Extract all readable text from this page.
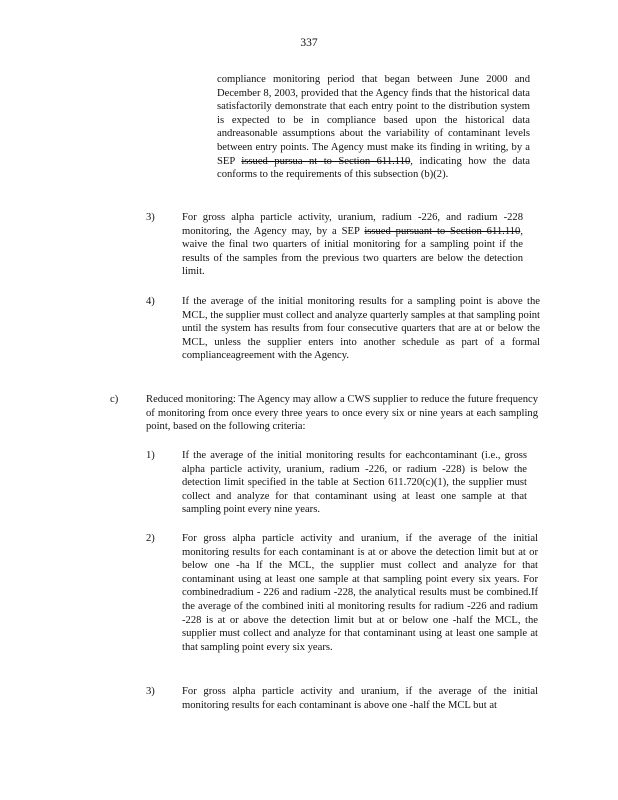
337
compliance monitoring period that began between June 2000 and December 8, 2003, provided that the Agency finds that the historical data satisfactorily demonstrate that each entry point to the distribution system is expected to be in compliance based upon the historical data andreasonable assumptions about the variability of contaminant levels between entry points. The Agency must make its finding in writing, by a SEP issued pursua nt to Section 611.110, indicating how the data conforms to the requirements of this subsection (b)(2).
3)	For gross alpha particle activity, uranium, radium -226, and radium -228 monitoring, the Agency may, by a SEP issued pursuant to Section 611.110, waive the final two quarters of initial monitoring for a sampling point if the results of the samples from the previous two quarters are below the detection limit.
4)	If the average of the initial monitoring results for a sampling point is above the MCL, the supplier must collect and analyze quarterly samples at that sampling point until the system has results from four consecutive quarters that are at or below the MCL, unless the supplier enters into another schedule as part of a formal complianceagreement with the Agency.
c)	Reduced monitoring: The Agency may allow a CWS supplier to reduce the future frequency of monitoring from once every three years to once every six or nine years at each sampling point, based on the following criteria:
1)	If the average of the initial monitoring results for eachcontaminant (i.e., gross alpha particle activity, uranium, radium -226, or radium -228) is below the detection limit specified in the table at Section 611.720(c)(1), the supplier must collect and analyze for that contaminant using at least one sample at that sampling point every nine years.
2)	For gross alpha particle activity and uranium, if the average of the initial monitoring results for each contaminant is at or above the detection limit but at or below one -ha lf the MCL, the supplier must collect and analyze for that contaminant using at least one sample at that sampling point every six years. For combinedradium - 226 and radium -228, the analytical results must be combined.If the average of the combined initi al monitoring results for radium -226 and radium -228 is at or above the detection limit but at or below one -half the MCL, the supplier must collect and analyze for that contaminant using at least one sample at that sampling point every six years.
3)	For gross alpha particle activity and uranium, if the average of the initial monitoring results for each contaminant is above one -half the MCL but at
